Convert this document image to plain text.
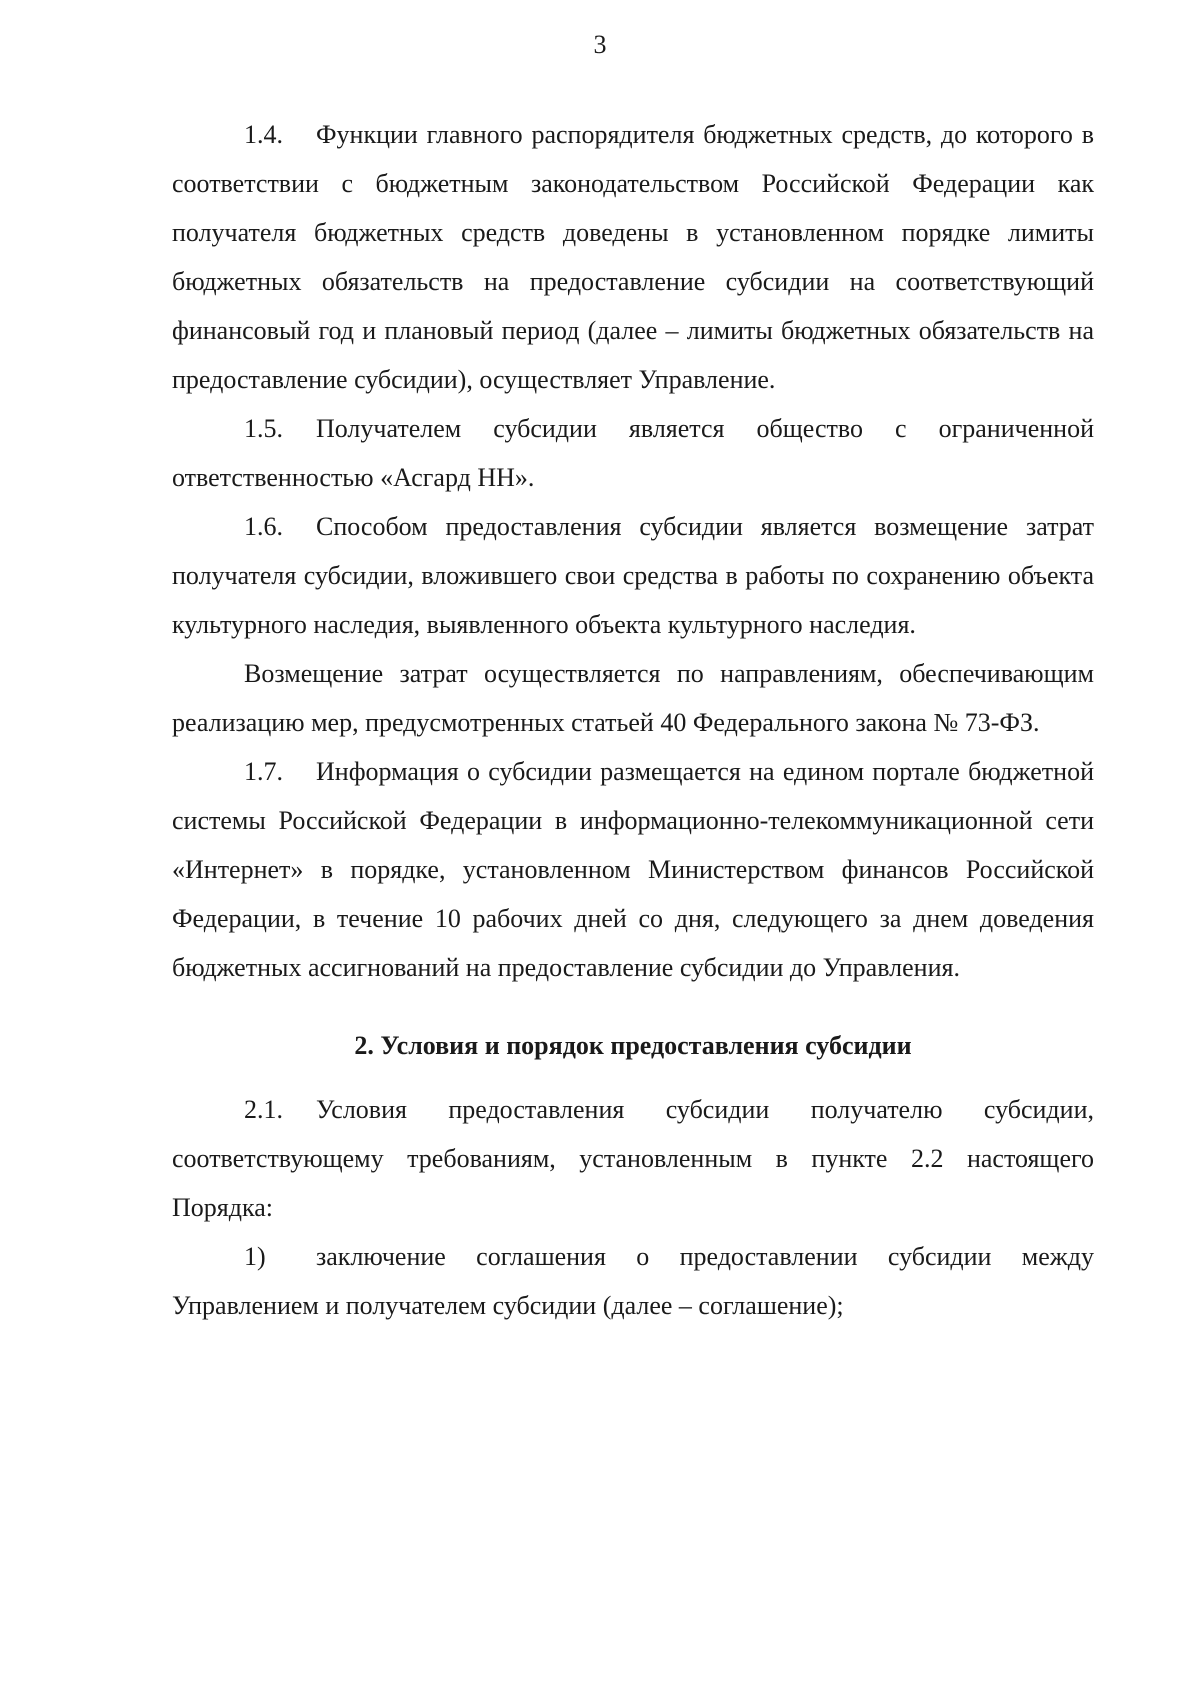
3

1.4. Функции главного распорядителя бюджетных средств, до которого в соответствии с бюджетным законодательством Российской Федерации как получателя бюджетных средств доведены в установленном порядке лимиты бюджетных обязательств на предоставление субсидии на соответствующий финансовый год и плановый период (далее – лимиты бюджетных обязательств на предоставление субсидии), осуществляет Управление.

1.5. Получателем субсидии является общество с ограниченной ответственностью «Асгард НН».

1.6. Способом предоставления субсидии является возмещение затрат получателя субсидии, вложившего свои средства в работы по сохранению объекта культурного наследия, выявленного объекта культурного наследия.

Возмещение затрат осуществляется по направлениям, обеспечивающим реализацию мер, предусмотренных статьей 40 Федерального закона № 73-ФЗ.

1.7. Информация о субсидии размещается на едином портале бюджетной системы Российской Федерации в информационно-телекоммуникационной сети «Интернет» в порядке, установленном Министерством финансов Российской Федерации, в течение 10 рабочих дней со дня, следующего за днем доведения бюджетных ассигнований на предоставление субсидии до Управления.

2. Условия и порядок предоставления субсидии

2.1. Условия предоставления субсидии получателю субсидии, соответствующему требованиям, установленным в пункте 2.2 настоящего Порядка:

1) заключение соглашения о предоставлении субсидии между Управлением и получателем субсидии (далее – соглашение);
